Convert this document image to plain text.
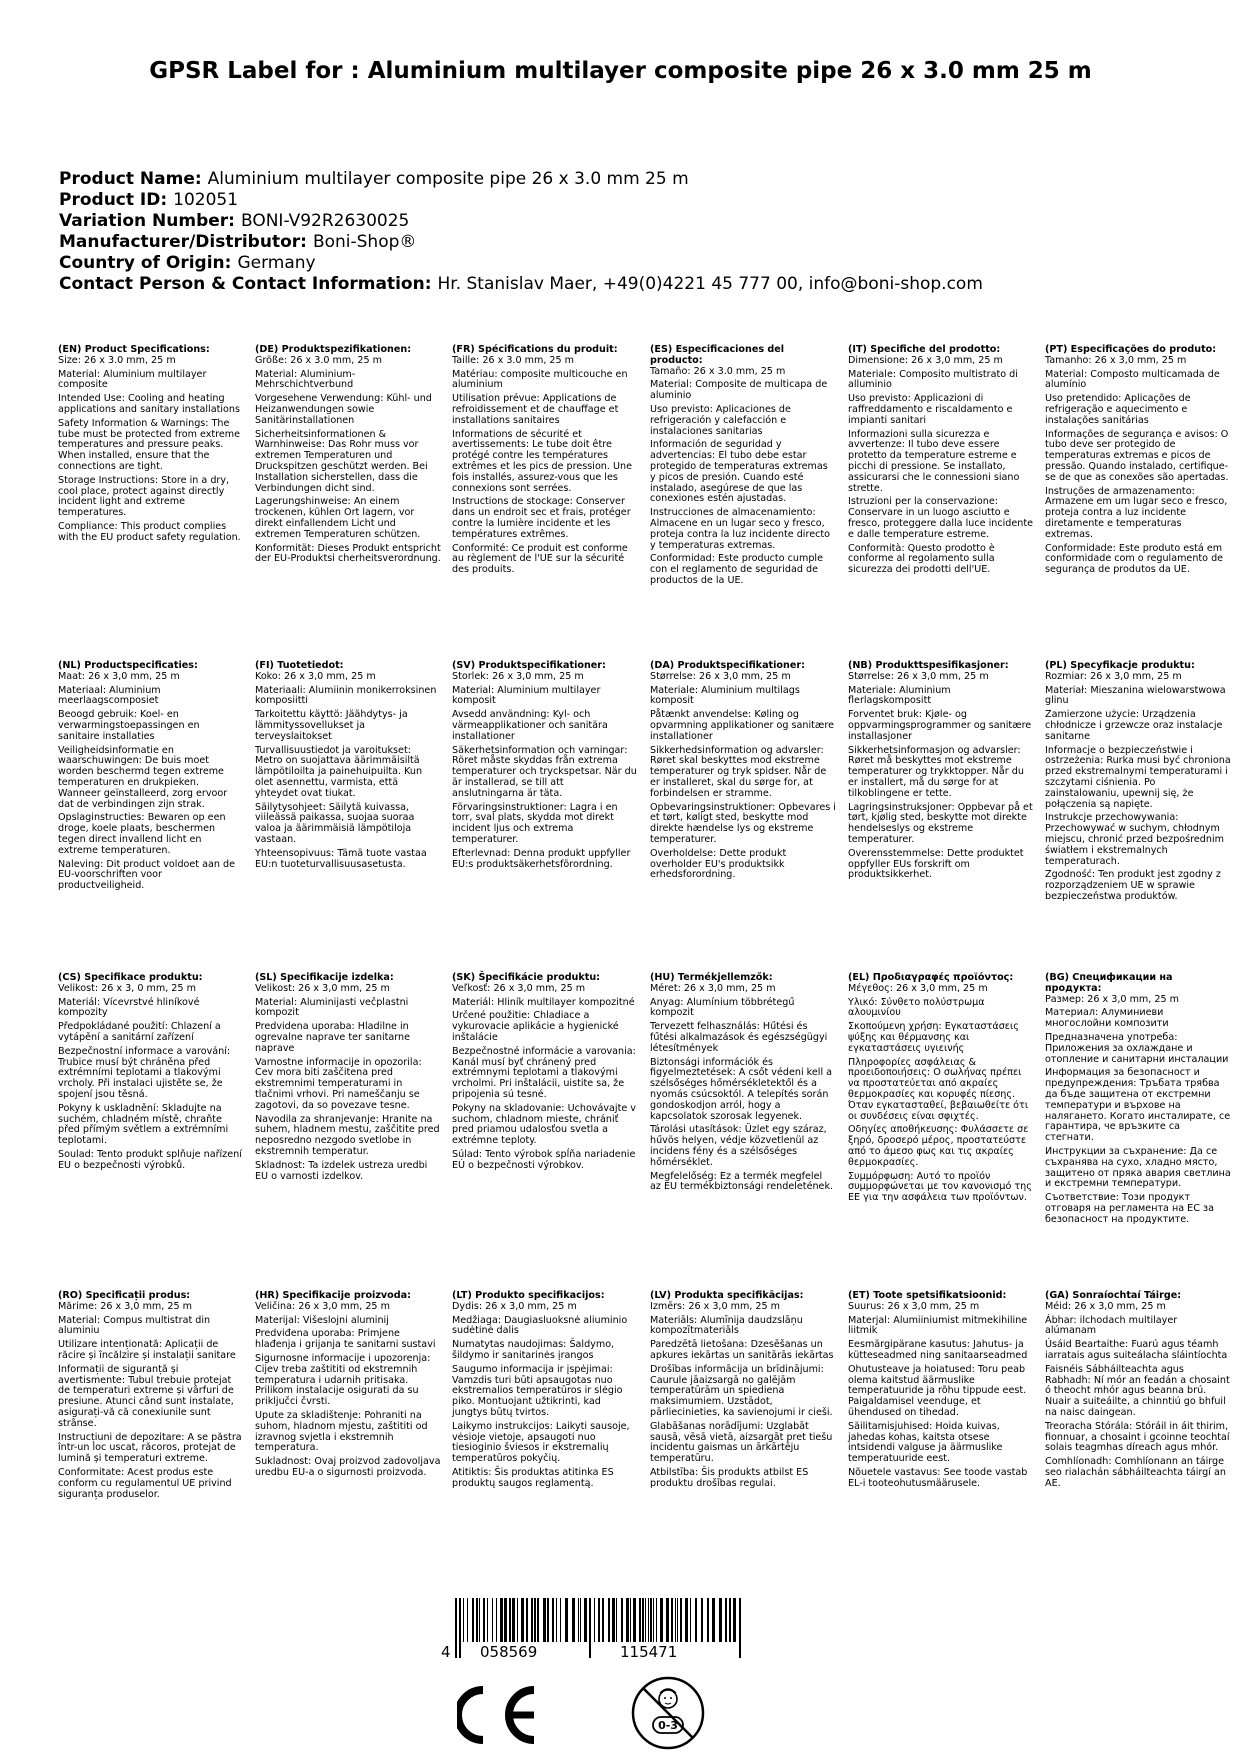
GPSR Label for : Aluminium multilayer composite pipe 26 x 3.0 mm 25 m
Product Name: Aluminium multilayer composite pipe 26 x 3.0 mm 25 m
Product ID: 102051
Variation Number: BONI-V92R2630025
Manufacturer/Distributor: Boni-Shop®
Country of Origin: Germany
Contact Person & Contact Information: Hr. Stanislav Maer, +49(0)4221 45 777 00, info@boni-shop.com
(EN) Product Specifications:

Size: 26 x 3.0 mm, 25 m

Material: Aluminium multilayer composite

Intended Use: Cooling and heating applications and sanitary installations

Safety Information & Warnings: The tube must be protected from extreme temperatures and pressure peaks. When installed, ensure that the connections are tight.

Storage Instructions: Store in a dry, cool place, protect against directly incident light and extreme temperatures.

Compliance: This product complies with the EU product safety regulation.

(DE) Produktspezifikationen:

Größe: 26 x 3.0 mm, 25 m

Material: Aluminium-Mehrschichtverbund

Vorgesehene Verwendung: Kühl- und Heizanwendungen sowie Sanitärinstallationen

Sicherheitsinformationen & Warnhinweise: Das Rohr muss vor extremen Temperaturen und Druckspitzen geschützt werden. Bei Installation sicherstellen, dass die Verbindungen dicht sind.

Lagerungshinweise: An einem trockenen, kühlen Ort lagern, vor direkt einfallendem Licht und extremen Temperaturen schützen.

Konformität: Dieses Produkt entspricht der EU-Produktsi cherheitsverordnung.

(FR) Spécifications du produit:

Taille: 26 x 3.0 mm, 25 m

Matériau: composite multicouche en aluminium

Utilisation prévue: Applications de refroidissement et de chauffage et installations sanitaires

Informations de sécurité et avertissements: Le tube doit être protégé contre les températures extrêmes et les pics de pression. Une fois installés, assurez-vous que les connexions sont serrées.

Instructions de stockage: Conserver dans un endroit sec et frais, protéger contre la lumière incidente et les températures extrêmes.

Conformité: Ce produit est conforme au règlement de l'UE sur la sécurité des produits.

(ES) Especificaciones del producto:

Tamaño: 26 x 3.0 mm, 25 m

Material: Composite de multicapa de aluminio

Uso previsto: Aplicaciones de refrigeración y calefacción e instalaciones sanitarias

Información de seguridad y advertencias: El tubo debe estar protegido de temperaturas extremas y picos de presión. Cuando esté instalado, asegúrese de que las conexiones estén ajustadas.

Instrucciones de almacenamiento: Almacene en un lugar seco y fresco, proteja contra la luz incidente directo y temperaturas extremas.

Conformidad: Este producto cumple con el reglamento de seguridad de productos de la UE.

(IT) Specifiche del prodotto:

Dimensione: 26 x 3,0 mm, 25 m

Materiale: Composito multistrato di alluminio

Uso previsto: Applicazioni di raffreddamento e riscaldamento e impianti sanitari

Informazioni sulla sicurezza e avvertenze: Il tubo deve essere protetto da temperature estreme e picchi di pressione. Se installato, assicurarsi che le connessioni siano strette.

Istruzioni per la conservazione: Conservare in un luogo asciutto e fresco, proteggere dalla luce incidente e dalle temperature estreme.

Conformità: Questo prodotto è conforme al regolamento sulla sicurezza dei prodotti dell'UE.

(PT) Especificações do produto:

Tamanho: 26 x 3,0 mm, 25 m

Material: Composto multicamada de alumínio

Uso pretendido: Aplicações de refrigeração e aquecimento e instalações sanitárias

Informações de segurança e avisos: O tubo deve ser protegido de temperaturas extremas e picos de pressão. Quando instalado, certifique-se de que as conexões são apertadas.

Instruções de armazenamento: Armazene em um lugar seco e fresco, proteja contra a luz incidente diretamente e temperaturas extremas.

Conformidade: Este produto está em conformidade com o regulamento de segurança de produtos da UE.

(NL) Productspecificaties:

Maat: 26 x 3,0 mm, 25 m

Materiaal: Aluminium meerlaagscomposiet

Beoogd gebruik: Koel- en verwarmingstoepassingen en sanitaire installaties

Veiligheidsinformatie en waarschuwingen: De buis moet worden beschermd tegen extreme temperaturen en drukpieken. Wanneer geïnstalleerd, zorg ervoor dat de verbindingen zijn strak.

Opslaginstructies: Bewaren op een droge, koele plaats, beschermen tegen direct invallend licht en extreme temperaturen.

Naleving: Dit product voldoet aan de EU-voorschriften voor productveiligheid.

(FI) Tuotetiedot:

Koko: 26 x 3,0 mm, 25 m

Materiaali: Alumiinin monikerroksinen komposiitti

Tarkoitettu käyttö: Jäähdytys- ja lämmityssovellukset ja terveyslaitokset

Turvallisuustiedot ja varoitukset: Metro on suojattava äärimmäisiltä lämpötiloilta ja painehuipuilta. Kun olet asennettu, varmista, että yhteydet ovat tiukat.

Säilytysohjeet: Säilytä kuivassa, viileässä paikassa, suojaa suoraa valoa ja äärimmäisiä lämpötiloja vastaan.

Yhteensopivuus: Tämä tuote vastaa EU:n tuoteturvallisuusasetusta.

(SV) Produktspecifikationer:

Storlek: 26 x 3,0 mm, 25 m

Material: Aluminium multilayer komposit

Avsedd användning: Kyl- och värmeapplikationer och sanitära installationer

Säkerhetsinformation och varningar: Röret måste skyddas från extrema temperaturer och tryckspetsar. När du är installerad, se till att anslutningarna är täta.

Förvaringsinstruktioner: Lagra i en torr, sval plats, skydda mot direkt incident ljus och extrema temperaturer.

Efterlevnad: Denna produkt uppfyller EU:s produktsäkerhetsförordning.

(DA) Produktspecifikationer:

Størrelse: 26 x 3,0 mm, 25 m

Materiale: Aluminium multilags komposit

Påtænkt anvendelse: Køling og opvarmning applikationer og sanitære installationer

Sikkerhedsinformation og advarsler: Røret skal beskyttes mod ekstreme temperaturer og tryk spidser. Når de er installeret, skal du sørge for, at forbindelsen er stramme.

Opbevaringsinstruktioner: Opbevares i et tørt, køligt sted, beskytte mod direkte hændelse lys og ekstreme temperaturer.

Overholdelse: Dette produkt overholder EU's produktsikk erhedsforordning.

(NB) Produkttspesifikasjoner:

Størrelse: 26 x 3,0 mm, 25 m

Materiale: Aluminium flerlagskompositt

Forventet bruk: Kjøle- og oppvarmingsprogrammer og sanitære installasjoner

Sikkerhetsinformasjon og advarsler: Røret må beskyttes mot ekstreme temperaturer og trykktopper. Når du er installert, må du sørge for at tilkoblingene er tette.

Lagringsinstruksjoner: Oppbevar på et tørt, kjølig sted, beskytte mot direkte hendelseslys og ekstreme temperaturer.

Overensstemmelse: Dette produktet oppfyller EUs forskrift om produktsikkerhet.

(PL) Specyfikacje produktu:

Rozmiar: 26 x 3,0 mm, 25 m

Materiał: Mieszanina wielowarstwowa glinu

Zamierzone użycie: Urządzenia chłodnicze i grzewcze oraz instalacje sanitarne

Informacje o bezpieczeństwie i ostrzeżenia: Rurka musi być chroniona przed ekstremalnymi temperaturami i szczytami ciśnienia. Po zainstalowaniu, upewnij się, że połączenia są napięte.

Instrukcje przechowywania: Przechowywać w suchym, chłodnym miejscu, chronić przed bezpośrednim światłem i ekstremalnych temperaturach.

Zgodność: Ten produkt jest zgodny z rozporządzeniem UE w sprawie bezpieczeństwa produktów.

(CS) Specifikace produktu:

Velikost: 26 x 3, 0 mm, 25 m

Materiál: Vícevrstvé hliníkové kompozity

Předpokládané použití: Chlazení a vytápění a sanitární zařízení

Bezpečnostní informace a varování: Trubice musí být chráněna před extrémními teplotami a tlakovými vrcholy. Při instalaci ujistěte se, že spojení jsou těsná.

Pokyny k uskladnění: Skladujte na suchém, chladném místě, chraňte před přímým světlem a extrémními teplotami.

Soulad: Tento produkt splňuje nařízení EU o bezpečnosti výrobků.

(SL) Specifikacije izdelka:

Velikost: 26 x 3,0 mm, 25 m

Material: Aluminijasti večplastni kompozit

Predvidena uporaba: Hladilne in ogrevalne naprave ter sanitarne naprave

Varnostne informacije in opozorila: Cev mora biti zaščitena pred ekstremnimi temperaturami in tlačnimi vrhovi. Pri nameščanju se zagotovi, da so povezave tesne.

Navodila za shranjevanje: Hranite na suhem, hladnem mestu, zaščitite pred neposredno nezgodo svetlobe in ekstremnih temperatur.

Skladnost: Ta izdelek ustreza uredbi EU o varnosti izdelkov.

(SK) Špecifikácie produktu:

Veľkosť: 26 x 3,0 mm, 25 m

Materiál: Hliník multilayer kompozitné

Určené použitie: Chladiace a vykurovacie aplikácie a hygienické inštalácie

Bezpečnostné informácie a varovania: Kanál musí byť chránený pred extrémnymi teplotami a tlakovými vrcholmi. Pri inštalácii, uistite sa, že pripojenia sú tesné.

Pokyny na skladovanie: Uchovávajte v suchom, chladnom mieste, chrániť pred priamou udalosťou svetla a extrémne teploty.

Súlad: Tento výrobok spĺňa nariadenie EÚ o bezpečnosti výrobkov.

(HU) Termékjellemzők:

Méret: 26 x 3,0 mm, 25 m

Anyag: Alumínium többrétegű kompozit

Tervezett felhasználás: Hűtési és fűtési alkalmazások és egészségügyi létesítmények

Biztonsági információk és figyelmeztetések: A csőt védeni kell a szélsőséges hőmérsékletektől és a nyomás csúcsoktól. A telepítés során gondoskodjon arról, hogy a kapcsolatok szorosak legyenek.

Tárolási utasítások: Üzlet egy száraz, hűvös helyen, védje közvetlenül az incidens fény és a szélsőséges hőmérséklet.

Megfelelőség: Ez a termék megfelel az EU termékbiztonsági rendeletének.

(EL) Προδιαγραφές προϊόντος:

Μέγεθος: 26 x 3,0 mm, 25 m

Υλικό: Σύνθετο πολύστρωμα αλουμινίου

Σκοπούμενη χρήση: Εγκαταστάσεις ψύξης και θέρμανσης και εγκαταστάσεις υγιεινής

Πληροφορίες ασφάλειας & προειδοποιήσεις: Ο σωλήνας πρέπει να προστατεύεται από ακραίες θερμοκρασίες και κορυφές πίεσης. Όταν εγκατασταθεί, βεβαιωθείτε ότι οι συνδέσεις είναι σφιχτές.

Οδηγίες αποθήκευσης: Φυλάσσετε σε ξηρό, δροσερό μέρος, προστατεύστε από το άμεσο φως και τις ακραίες θερμοκρασίες.

Συμμόρφωση: Αυτό το προϊόν συμμορφώνεται με τον κανονισμό της ΕΕ για την ασφάλεια των προϊόντων.

(BG) Спецификации на продукта:

Размер: 26 x 3,0 mm, 25 m

Материал: Алуминиеви многослойни композити

Предназначена употреба: Приложения за охлаждане и отопление и санитарни инсталации

Информация за безопасност и предупреждения: Тръбата трябва да бъде защитена от екстремни температури и върхове на налягането. Когато инсталирате, се гарантира, че връзките са стегнати.

Инструкции за съхранение: Да се съхранява на сухо, хладно място, защитено от пряка авария светлина и екстремни температури.

Съответствие: Този продукт отговаря на регламента на ЕС за безопасност на продуктите.

(RO) Specificații produs:

Mărime: 26 x 3,0 mm, 25 m

Material: Compus multistrat din aluminiu

Utilizare intenționată: Aplicații de răcire și încălzire și instalații sanitare

Informații de siguranță și avertismente: Tubul trebuie protejat de temperaturi extreme și vârfuri de presiune. Atunci când sunt instalate, asigurați-vă că conexiunile sunt strânse.

Instrucțiuni de depozitare: A se păstra într-un loc uscat, răcoros, protejat de lumină și temperaturi extreme.

Conformitate: Acest produs este conform cu regulamentul UE privind siguranța produselor.

(HR) Specifikacije proizvoda:

Veličina: 26 x 3,0 mm, 25 m

Materijal: Višeslojni aluminij

Predviđena uporaba: Primjene hlađenja i grijanja te sanitarni sustavi

Sigurnosne informacije i upozorenja: Cijev treba zaštititi od ekstremnih temperatura i udarnih pritisaka. Prilikom instalacije osigurati da su priključci čvrsti.

Upute za skladištenje: Pohraniti na suhom, hladnom mjestu, zaštititi od izravnog svjetla i ekstremnih temperatura.

Sukladnost: Ovaj proizvod zadovoljava uredbu EU-a o sigurnosti proizvoda.

(LT) Produkto specifikacijos:

Dydis: 26 x 3,0 mm, 25 m

Medžiaga: Daugiasluoksnė aliuminio sudėtinė dalis

Numatytas naudojimas: Šaldymo, šildymo ir sanitarinės įrangos

Saugumo informacija ir įspėjimai: Vamzdis turi būti apsaugotas nuo ekstremalios temperatūros ir slėgio piko. Montuojant užtikrinti, kad jungtys būtų tvirtos.

Laikymo instrukcijos: Laikyti sausoje, vėsioje vietoje, apsaugoti nuo tiesioginio šviesos ir ekstremalių temperatūros pokyčių.

Atitiktis: Šis produktas atitinka ES produktų saugos reglamentą.

(LV) Produkta specifikācijas:

Izmērs: 26 x 3,0 mm, 25 m

Materiāls: Alumīnija daudzslāņu kompozītmateriāls

Paredzētā lietošana: Dzesēšanas un apkures iekārtas un sanitārās iekārtas

Drošības informācija un brīdinājumi: Caurule jāaizsargā no galējām temperatūrām un spiediena maksimumiem. Uzstādot, pārliecinieties, ka savienojumi ir cieši.

Glabāšanas norādījumi: Uzglabāt sausā, vēsā vietā, aizsargāt pret tiešu incidentu gaismas un ārkārtēju temperatūru.

Atbilstība: Šis produkts atbilst ES produktu drošības regulai.

(ET) Toote spetsifikatsioonid:

Suurus: 26 x 3,0 mm, 25 m

Materjal: Alumiiniumist mitmekihiline liitmik

Eesmärgipärane kasutus: Jahutus- ja kütteseadmed ning sanitaarseadmed

Ohutusteave ja hoiatused: Toru peab olema kaitstud äärmuslike temperatuuride ja rõhu tippude eest. Paigaldamisel veenduge, et ühendused on tihedad.

Säilitamisjuhised: Hoida kuivas, jahedas kohas, kaitsta otsese intsidendi valguse ja äärmuslike temperatuuride eest.

Nõuetele vastavus: See toode vastab EL-i tooteohutusmäärusele.

(GA) Sonraíochtaí Táirge:

Méid: 26 x 3,0 mm, 25 m

Ábhar: ilchodach multilayer alúmanam

Úsáid Beartaithe: Fuarú agus téamh iarratais agus suiteálacha sláintíochta

Faisnéis Sábháilteachta agus Rabhadh: Ní mór an feadán a chosaint ó theocht mhór agus beanna brú. Nuair a suiteáilte, a chinntiú go bhfuil na naisc daingean.

Treoracha Stórála: Stóráil in áit thirim, fionnuar, a chosaint i gcoinne teochtaí solais teagmhas díreach agus mhór.

Comhlíonadh: Comhlíonann an táirge seo rialachán sábháilteachta táirgí an AE.

4 058569	115471
0-3
